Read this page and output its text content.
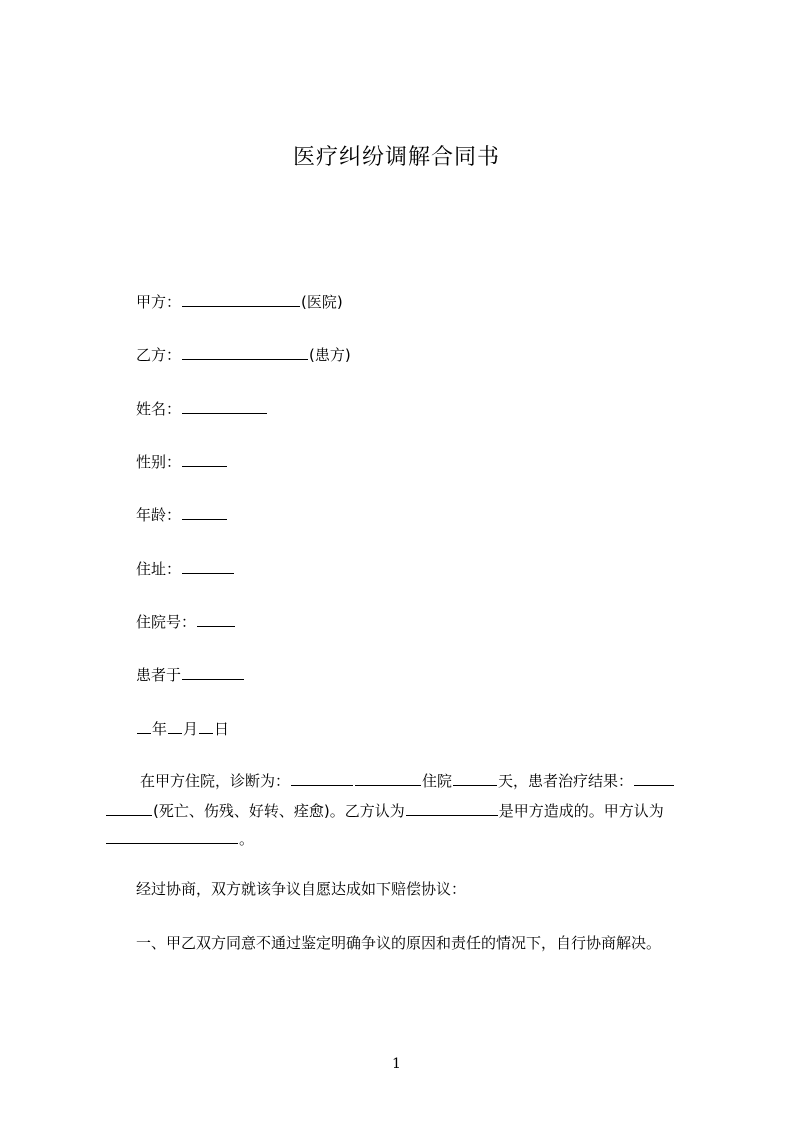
医疗纠纷调解合同书
甲方：	(医院)
乙方：	(患方)
姓名：
性别：
年龄：
住址：
住院号：
患者于
年 月 日
在甲方住院，诊断为：	住院	天，患者治疗结果：
(死亡、伤残、好转、痊愈)。乙方认为	是甲方造成的。甲方认为
。
经过协商，双方就该争议自愿达成如下赔偿协议：
一、甲乙双方同意不通过鉴定明确争议的原因和责任的情况下，自行协商解决。
1
